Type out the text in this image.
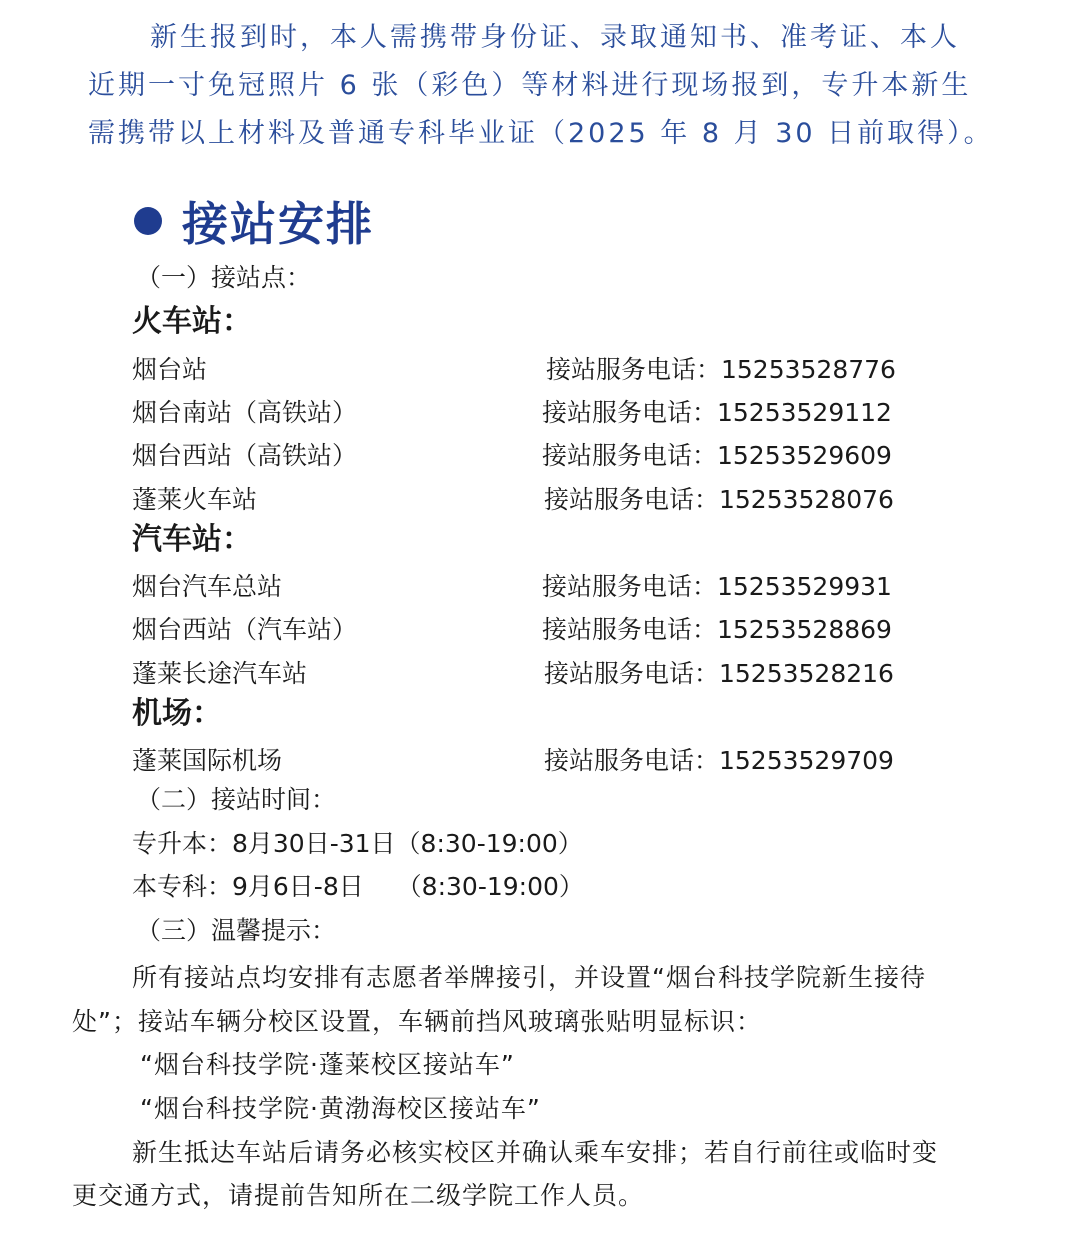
新生报到时，本人需携带身份证、录取通知书、准考证、本人

近期一寸免冠照片 6 张（彩色）等材料进行现场报到，专升本新生

需携带以上材料及普通专科毕业证（2025 年 8 月 30 日前取得）。

接站安排
（一）接站点：
火车站：
烟台站	接站服务电话：15253528776
烟台南站（高铁站）	接站服务电话：15253529112
烟台西站（高铁站）	接站服务电话：15253529609
蓬莱火车站	接站服务电话：15253528076
汽车站：
烟台汽车总站	接站服务电话：15253529931
烟台西站（汽车站）	接站服务电话：15253528869
蓬莱长途汽车站	接站服务电话：15253528216
机场：
蓬莱国际机场	接站服务电话：15253529709
（二）接站时间：
专升本：8月30日-31日（8:30-19:00）
本专科：9月6日-8日　 （8:30-19:00）
（三）温馨提示：
所有接站点均安排有志愿者举牌接引，并设置“烟台科技学院新生接待
处”；接站车辆分校区设置，车辆前挡风玻璃张贴明显标识：
“烟台科技学院·蓬莱校区接站车”
“烟台科技学院·黄渤海校区接站车”
新生抵达车站后请务必核实校区并确认乘车安排；若自行前往或临时变
更交通方式，请提前告知所在二级学院工作人员。
